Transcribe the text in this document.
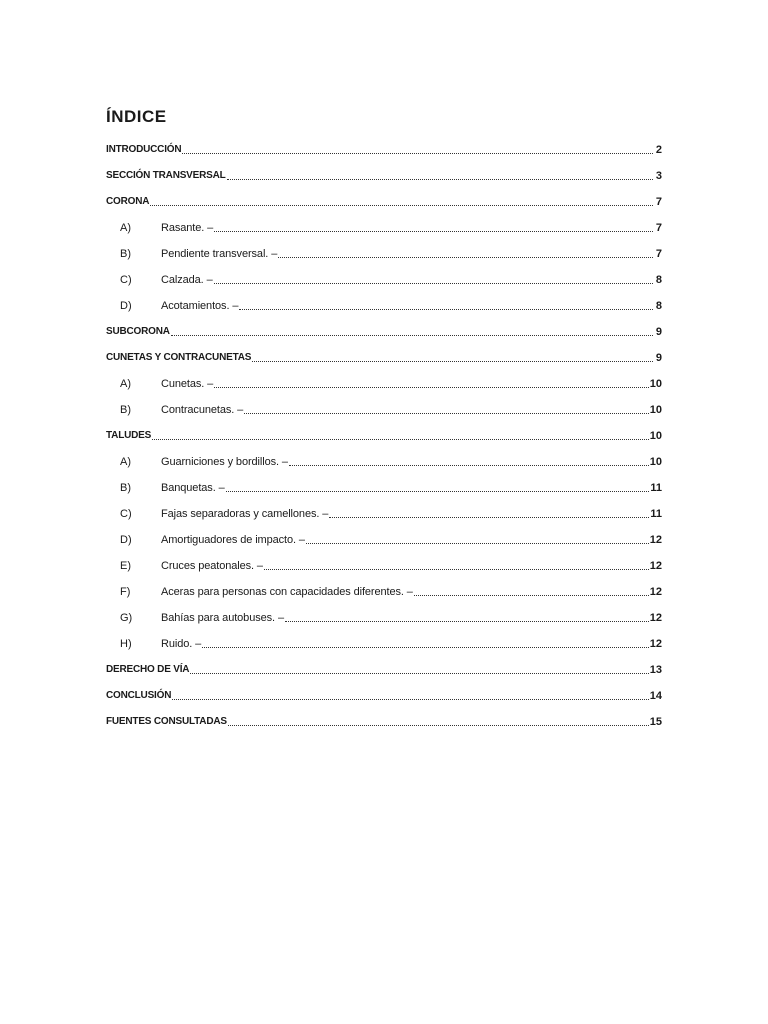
ÍNDICE
INTRODUCCIÓN	2
SECCIÓN TRANSVERSAL	3
CORONA	7
A)	Rasante. –	7
B)	Pendiente transversal. –	7
C)	Calzada. –	8
D)	Acotamientos. –	8
SUBCORONA	9
CUNETAS Y CONTRACUNETAS	9
A)	Cunetas. –	10
B)	Contracunetas. –	10
TALUDES	10
A)	Guarniciones y bordillos. –	10
B)	Banquetas. –	11
C)	Fajas separadoras y camellones. –	11
D)	Amortiguadores de impacto. –	12
E)	Cruces peatonales. –	12
F)	Aceras para personas con capacidades diferentes. –	12
G)	Bahías para autobuses. –	12
H)	Ruido. –	12
DERECHO DE VÍA	13
CONCLUSIÓN	14
FUENTES CONSULTADAS	15
